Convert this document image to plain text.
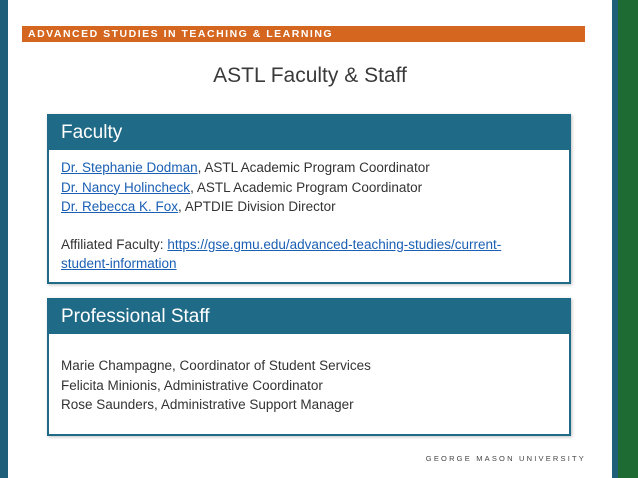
ADVANCED STUDIES IN TEACHING & LEARNING
ASTL Faculty & Staff
Faculty
Dr. Stephanie Dodman, ASTL Academic Program Coordinator
Dr. Nancy Holincheck, ASTL Academic Program Coordinator
Dr. Rebecca K. Fox, APTDIE Division Director
Affiliated Faculty: https://gse.gmu.edu/advanced-teaching-studies/current-
student-information
Professional Staff
Marie Champagne, Coordinator of Student Services
Felicita Minionis, Administrative Coordinator
Rose Saunders, Administrative Support Manager
GEORGE MASON UNIVERSITY
